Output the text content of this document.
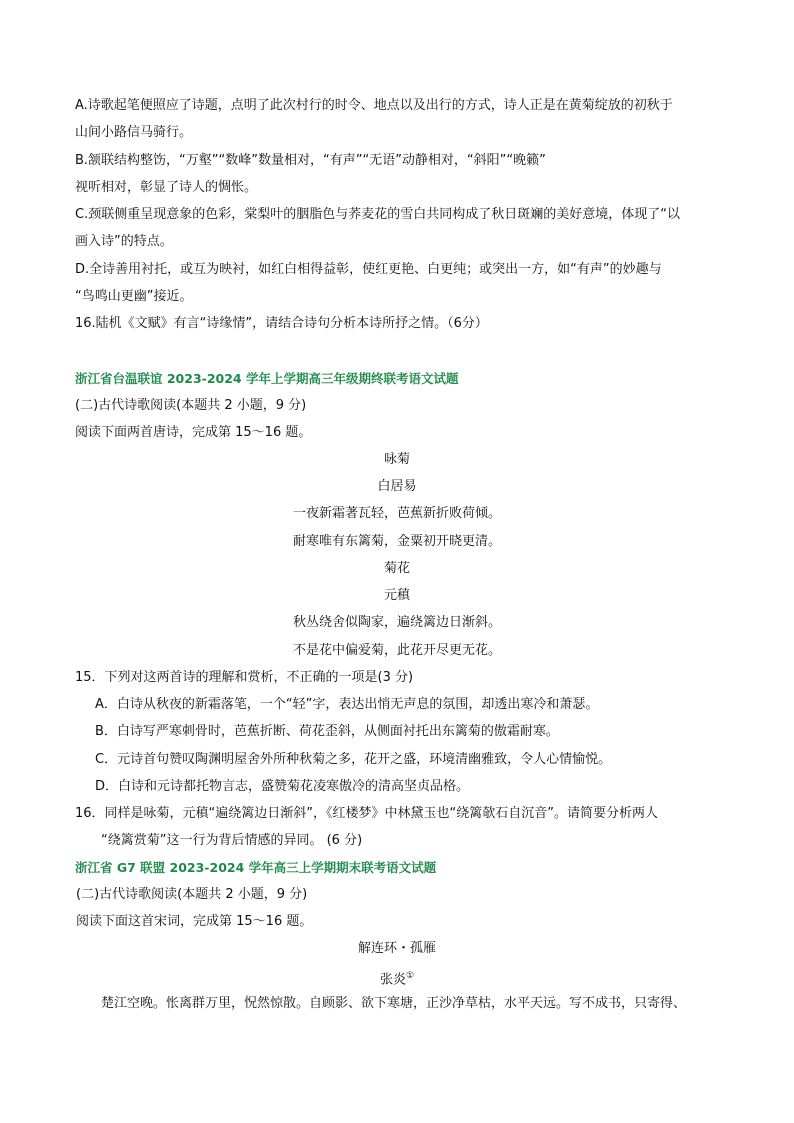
A.诗歌起笔便照应了诗题，点明了此次村行的时令、地点以及出行的方式，诗人正是在黄菊绽放的初秋于
山间小路信马骑行。
B.颔联结构整饬，“万壑”“数峰”数量相对，“有声”“无语”动静相对，“斜阳”“晚籁”
视听相对，彰显了诗人的惆怅。
C.颈联侧重呈现意象的色彩，棠梨叶的胭脂色与荞麦花的雪白共同构成了秋日斑斓的美好意境，体现了“以
画入诗”的特点。
D.全诗善用衬托，或互为映衬，如红白相得益彰，使红更艳、白更纯；或突出一方，如“有声”的妙趣与
“鸟鸣山更幽”接近。
16.陆机《文赋》有言“诗缘情”，请结合诗句分析本诗所抒之情。（6分）
浙江省台温联谊 2023-2024 学年上学期高三年级期终联考语文试题
(二)古代诗歌阅读(本题共 2 小题，9 分)
阅读下面两首唐诗，完成第 15～16 题。
咏菊
白居易
一夜新霜著瓦轻，芭蕉新折败荷倾。
耐寒唯有东篱菊，金粟初开晓更清。
菊花
元稹
秋丛绕舍似陶家，遍绕篱边日渐斜。
不是花中偏爱菊，此花开尽更无花。
15．下列对这两首诗的理解和赏析，不正确的一项是(3 分)
A．白诗从秋夜的新霜落笔，一个“轻”字，表达出悄无声息的氛围，却透出寒冷和萧瑟。
B．白诗写严寒刺骨时，芭蕉折断、荷花歪斜，从侧面衬托出东篱菊的傲霜耐寒。
C．元诗首句赞叹陶渊明屋舍外所种秋菊之多，花开之盛，环境清幽雅致，令人心情愉悦。
D．白诗和元诗都托物言志，盛赞菊花凌寒傲冷的清高坚贞品格。
16．同样是咏菊，元稹“遍绕篱边日渐斜”，《红楼梦》中林黛玉也“绕篱欹石自沉音”。请简要分析两人
“绕篱赏菊”这一行为背后情感的异同。 (6 分)
浙江省 G7 联盟 2023-2024 学年高三上学期期末联考语文试题
(二)古代诗歌阅读(本题共 2 小题，9 分)
阅读下面这首宋词，完成第 15～16 题。
解连环・孤雁
张炎①
楚江空晚。怅离群万里，怳然惊散。自顾影、欲下寒塘，正沙净草枯，水平天远。写不成书，只寄得、
